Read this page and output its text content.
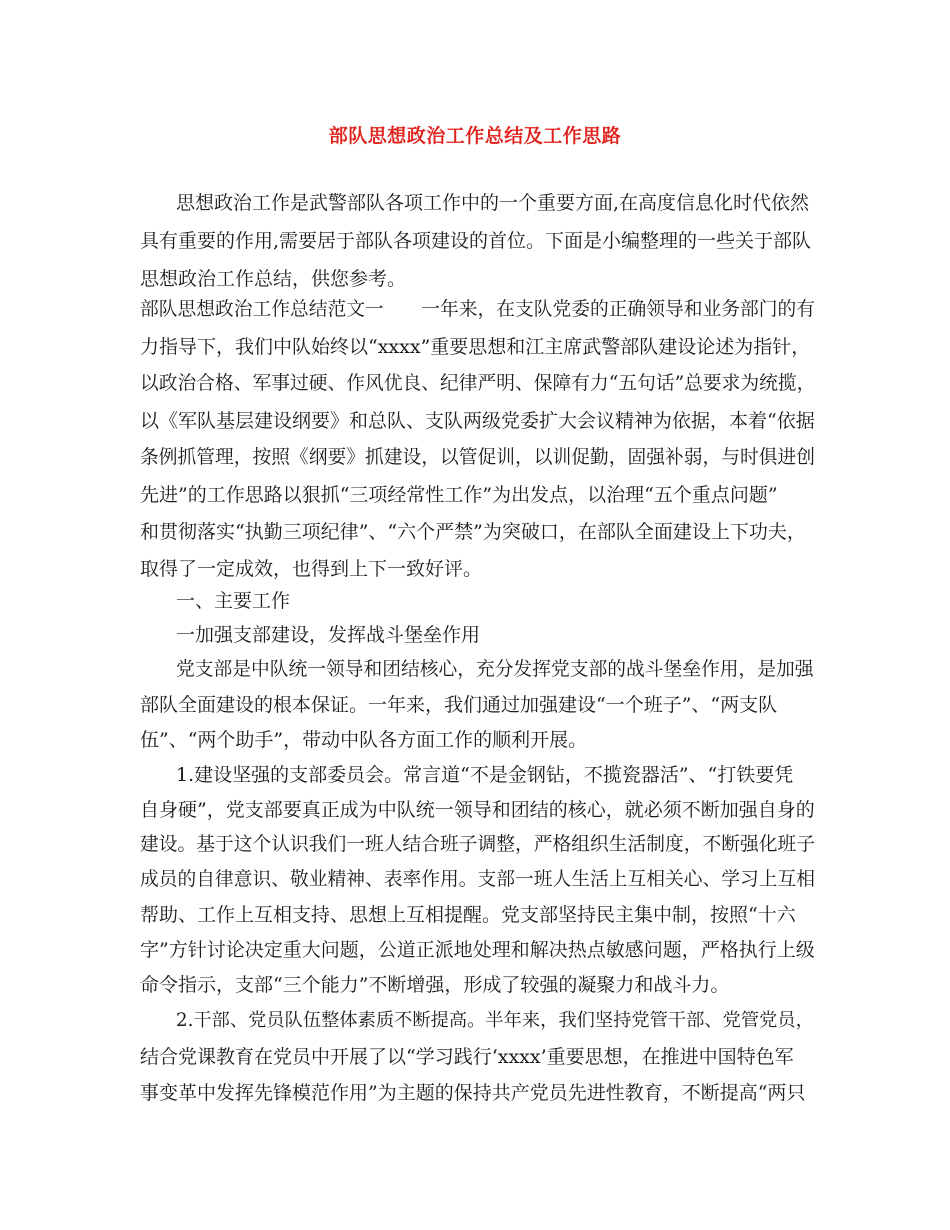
部队思想政治工作总结及工作思路
思想政治工作是武警部队各项工作中的一个重要方面,在高度信息化时代依然
具有重要的作用,需要居于部队各项建设的首位。下面是小编整理的一些关于部队
思想政治工作总结，供您参考。
部队思想政治工作总结范文一　　一年来，在支队党委的正确领导和业务部门的有
力指导下，我们中队始终以“xxxx”重要思想和江主席武警部队建设论述为指针，
以政治合格、军事过硬、作风优良、纪律严明、保障有力“五句话”总要求为统揽，
以《军队基层建设纲要》和总队、支队两级党委扩大会议精神为依据，本着“依据
条例抓管理，按照《纲要》抓建设，以管促训，以训促勤，固强补弱，与时俱进创
先进”的工作思路以狠抓“三项经常性工作”为出发点，以治理“五个重点问题”
和贯彻落实“执勤三项纪律”、“六个严禁”为突破口，在部队全面建设上下功夫，
取得了一定成效，也得到上下一致好评。
一、主要工作
一加强支部建设，发挥战斗堡垒作用
党支部是中队统一领导和团结核心，充分发挥党支部的战斗堡垒作用，是加强
部队全面建设的根本保证。一年来，我们通过加强建设“一个班子”、“两支队
伍”、“两个助手”，带动中队各方面工作的顺利开展。
1.建设坚强的支部委员会。常言道“不是金钢钻，不揽瓷器活”、“打铁要凭
自身硬”，党支部要真正成为中队统一领导和团结的核心，就必须不断加强自身的
建设。基于这个认识我们一班人结合班子调整，严格组织生活制度，不断强化班子
成员的自律意识、敬业精神、表率作用。支部一班人生活上互相关心、学习上互相
帮助、工作上互相支持、思想上互相提醒。党支部坚持民主集中制，按照“十六
字”方针讨论决定重大问题，公道正派地处理和解决热点敏感问题，严格执行上级
命令指示，支部“三个能力”不断增强，形成了较强的凝聚力和战斗力。
2.干部、党员队伍整体素质不断提高。半年来，我们坚持党管干部、党管党员，
结合党课教育在党员中开展了以“学习践行‘xxxx’重要思想，在推进中国特色军
事变革中发挥先锋模范作用”为主题的保持共产党员先进性教育，不断提高“两只
